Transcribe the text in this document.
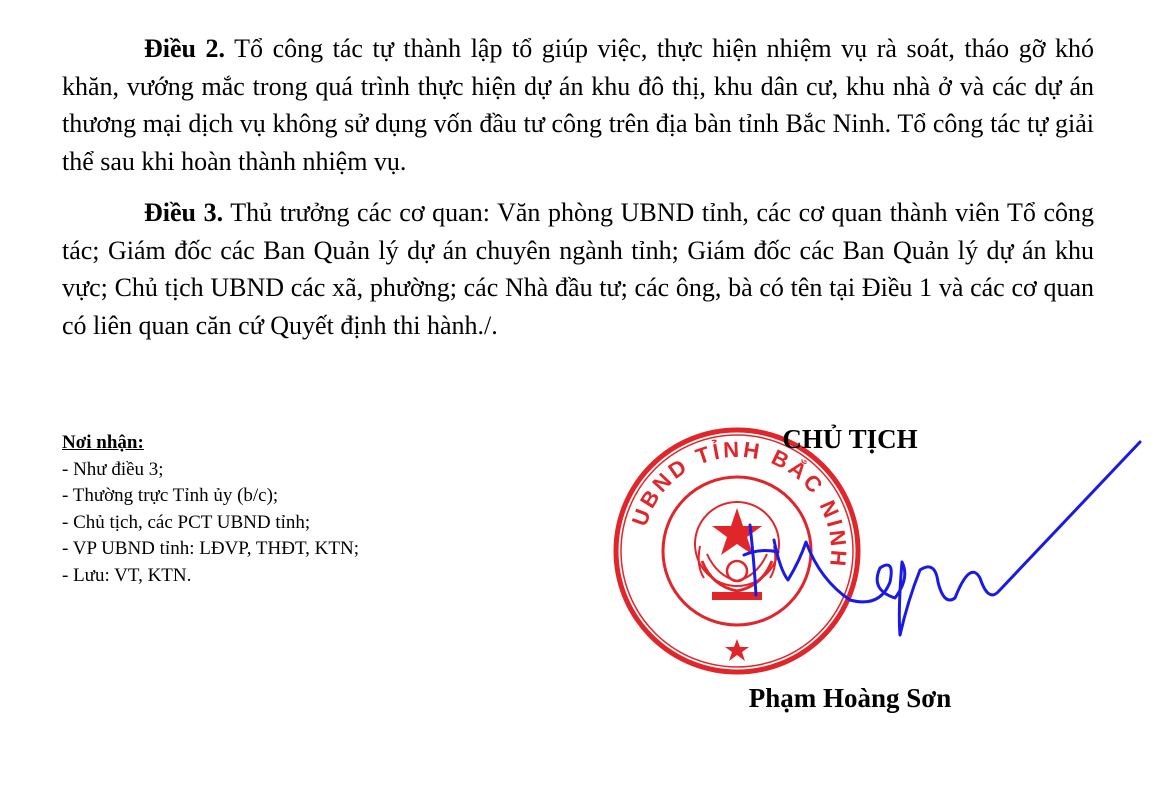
Điều 2. Tổ công tác tự thành lập tổ giúp việc, thực hiện nhiệm vụ rà soát, tháo gỡ khó khăn, vướng mắc trong quá trình thực hiện dự án khu đô thị, khu dân cư, khu nhà ở và các dự án thương mại dịch vụ không sử dụng vốn đầu tư công trên địa bàn tỉnh Bắc Ninh. Tổ công tác tự giải thể sau khi hoàn thành nhiệm vụ.

Điều 3. Thủ trưởng các cơ quan: Văn phòng UBND tỉnh, các cơ quan thành viên Tổ công tác; Giám đốc các Ban Quản lý dự án chuyên ngành tỉnh; Giám đốc các Ban Quản lý dự án khu vực; Chủ tịch UBND các xã, phường; các Nhà đầu tư; các ông, bà có tên tại Điều 1 và các cơ quan có liên quan căn cứ Quyết định thi hành./.

Nơi nhận:
- Như điều 3;
- Thường trực Tỉnh ủy (b/c);
- Chủ tịch, các PCT UBND tỉnh;
- VP UBND tỉnh: LĐVP, THĐT, KTN;
- Lưu: VT, KTN.
UBND TỈNH BẮC NINH
CHỦ TỊCH
Phạm Hoàng Sơn
